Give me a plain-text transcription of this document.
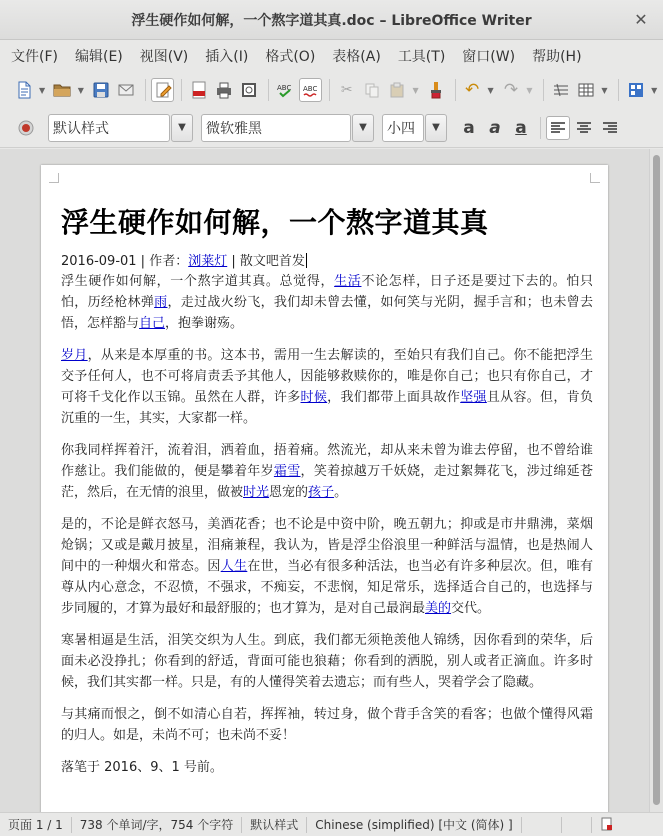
浮生硬作如何解，一个熬字道其真.doc – LibreOffice Writer	✕
文件(F)	编辑(E)	视图(V)	插入(I)	格式(O)	表格(A)	工具(T)	窗口(W)	帮助(H)
▼	▼	ABC ABC	✂	▼	↶	▼ ↷	▼	▼	▼
默认样式	▼ 微软雅黑	▼ 小四 ▼	a a a
浮生硬作如何解，一个熬字道其真
2016-09-01 | 作者：浏莱灯 | 散文吧首发

浮生硬作如何解，一个熬字道其真。总觉得，生活不论怎样，日子还是要过下去的。怕只怕，历经枪林弹雨，走过战火纷飞，我们却未曾去懂，如何笑与光阴，握手言和；也未曾去悟，怎样豁与自己，抱拳谢殇。

岁月，从来是本厚重的书。这本书，需用一生去解读的，至始只有我们自己。你不能把浮生交予任何人，也不可将肩责丢予其他人，因能够救赎你的，唯是你自己；也只有你自己，才可将千戈化作以玉锦。虽然在人群，许多时候，我们都带上面具故作坚强且从容。但，肯负沉重的一生，其实，大家都一样。

你我同样挥着汗，流着泪，洒着血，捂着痛。然流光，却从来未曾为谁去停留，也不曾给谁作慈让。我们能做的，便是攀着年岁霜雪，笑着掠越万千妖娆，走过絮舞花飞，涉过绵延苍茫，然后，在无情的浪里，做被时光恩宠的孩子。

是的，不论是鲜衣怒马，美酒花香；也不论是中资中阶，晚五朝九；抑或是市井鼎沸，菜烟炝锅；又或是戴月披星，泪痛兼程，我认为，皆是浮尘俗浪里一种鲜活与温情，也是热闹人间中的一种烟火和常态。因人生在世，当必有很多种活法，也当必有许多种层次。但，唯有尊从内心意念，不忍愤，不强求，不痴妄，不悲悯，知足常乐，选择适合自己的，也选择与步同履的，才算为最好和最舒服的；也才算为，是对自己最润最美的交代。

寒暑相逼是生活，泪笑交织为人生。到底，我们都无须艳羡他人锦绣，因你看到的荣华，后面未必没挣扎；你看到的舒适，背面可能也狼藉；你看到的洒脱，别人或者正滴血。许多时候，我们其实都一样。只是，有的人懂得笑着去遗忘；而有些人，哭着学会了隐藏。

与其痛而恨之，倒不如清心自若，挥挥袖，转过身，做个背手含笑的看客；也做个懂得风霜的归人。如是，未尚不可；也未尚不妥！

落笔于 2016、9、1 号前。

页面 1 / 1	738 个单词/字，754 个字符	默认样式	Chinese (simplified) [中文 (简体) ]
